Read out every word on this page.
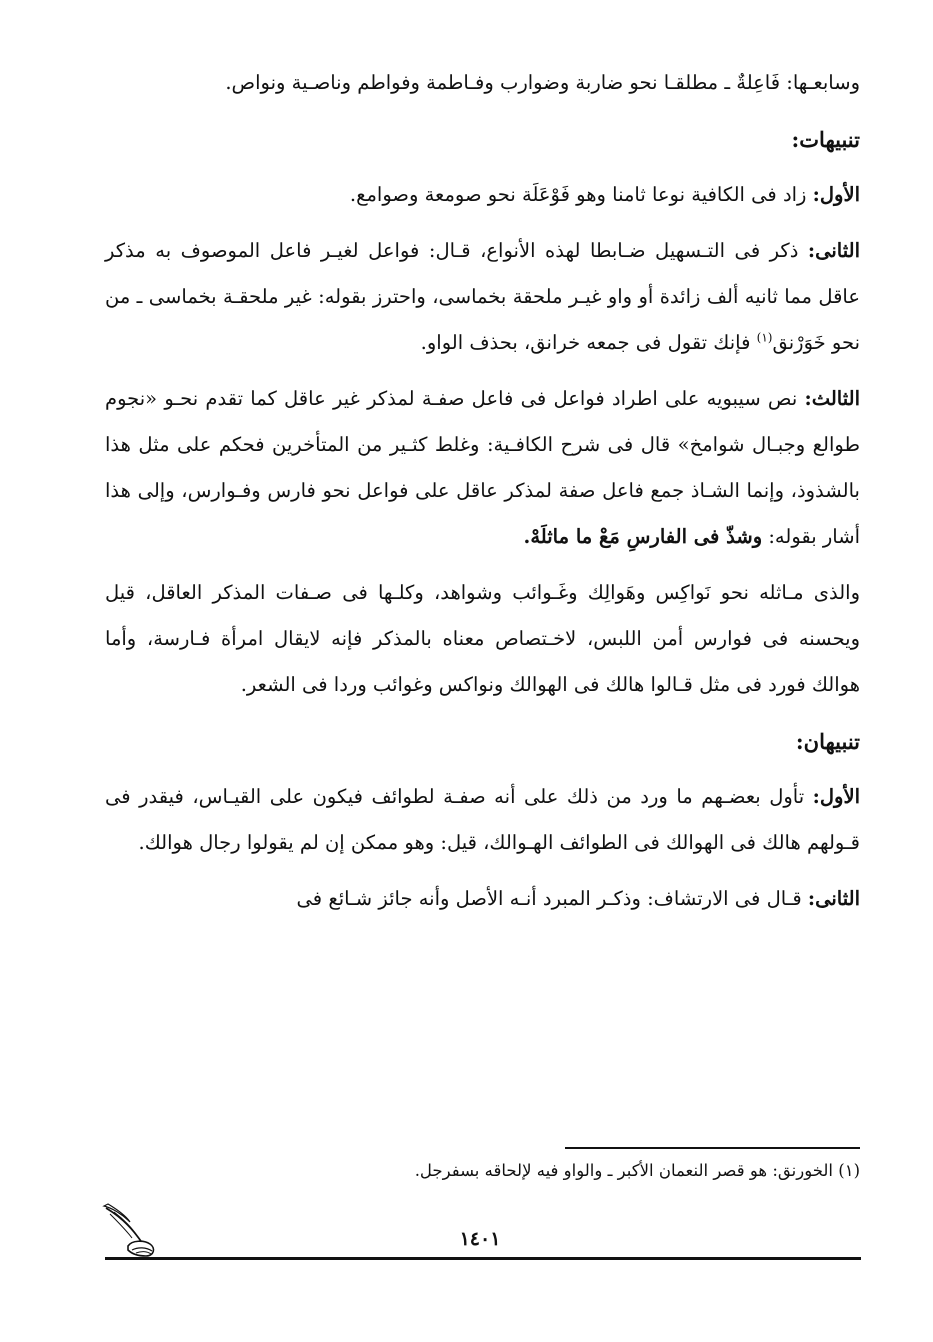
وسابعـها: فَاعِلةٌ ـ مطلقـا نحو ضاربة وضوارب وفـاطمة وفواطم وناصـية ونواص.

تنبيهات:

الأول: زاد فى الكافية نوعا ثامنا وهو فَوْعَلَة نحو صومعة وصوامع.

الثانى: ذكر فى التـسهيل ضـابطا لهذه الأنواع، قـال: فواعل لغيـر فاعل الموصوف به مذكر عاقل مما ثانيه ألف زائدة أو واو غيـر ملحقة بخماسى، واحترز بقوله: غير ملحقـة بخماسى ـ من نحو خَوَرْنق$^{(١)}$ فإنك تقول فى جمعه خرانق، بحذف الواو.

الثالث: نص سيبويه على اطراد فواعل فى فاعل صفـة لمذكر غير عاقل كما تقدم نحـو «نجوم طوالع وجبـال شوامخ» قال فى شرح الكافـية: وغلط كثـير من المتأخرين فحكم على مثل هذا بالشذوذ، وإنما الشـاذ جمع فاعل صفة لمذكر عاقل على فواعل نحو فارس وفـوارس، وإلى هذا أشار بقوله: وشذّ فى الفارسِ مَعْ ما ماثلَهْ.

والذى مـاثله نحو نَواكِس وهَوالِك وغَـوائب وشواهد، وكلـها فى صـفات المذكر العاقل، قيل ويحسنه فى فوارس أمن اللبس، لاخـتصاص معناه بالمذكر فإنه لايقال امرأة فـارسة، وأما هوالك فورد فى مثل قـالوا هالك فى الهوالك ونواكس وغوائب وردا فى الشعر.

تنبيهان:

الأول: تأول بعضـهم ما ورد من ذلك على أنه صفـة لطوائف فيكون على القيـاس، فيقدر فى قـولهم هالك فى الهوالك فى الطوائف الهـوالك، قيل: وهو ممكن إن لم يقولوا رجال هوالك.

الثانى: قـال فى الارتشاف: وذكـر المبرد أنـه الأصل وأنه جائز شـائع فى

(١) الخورنق: هو قصر النعمان الأكبر ـ والواو فيه لإلحاقه بسفرجل.
١٤٠١
